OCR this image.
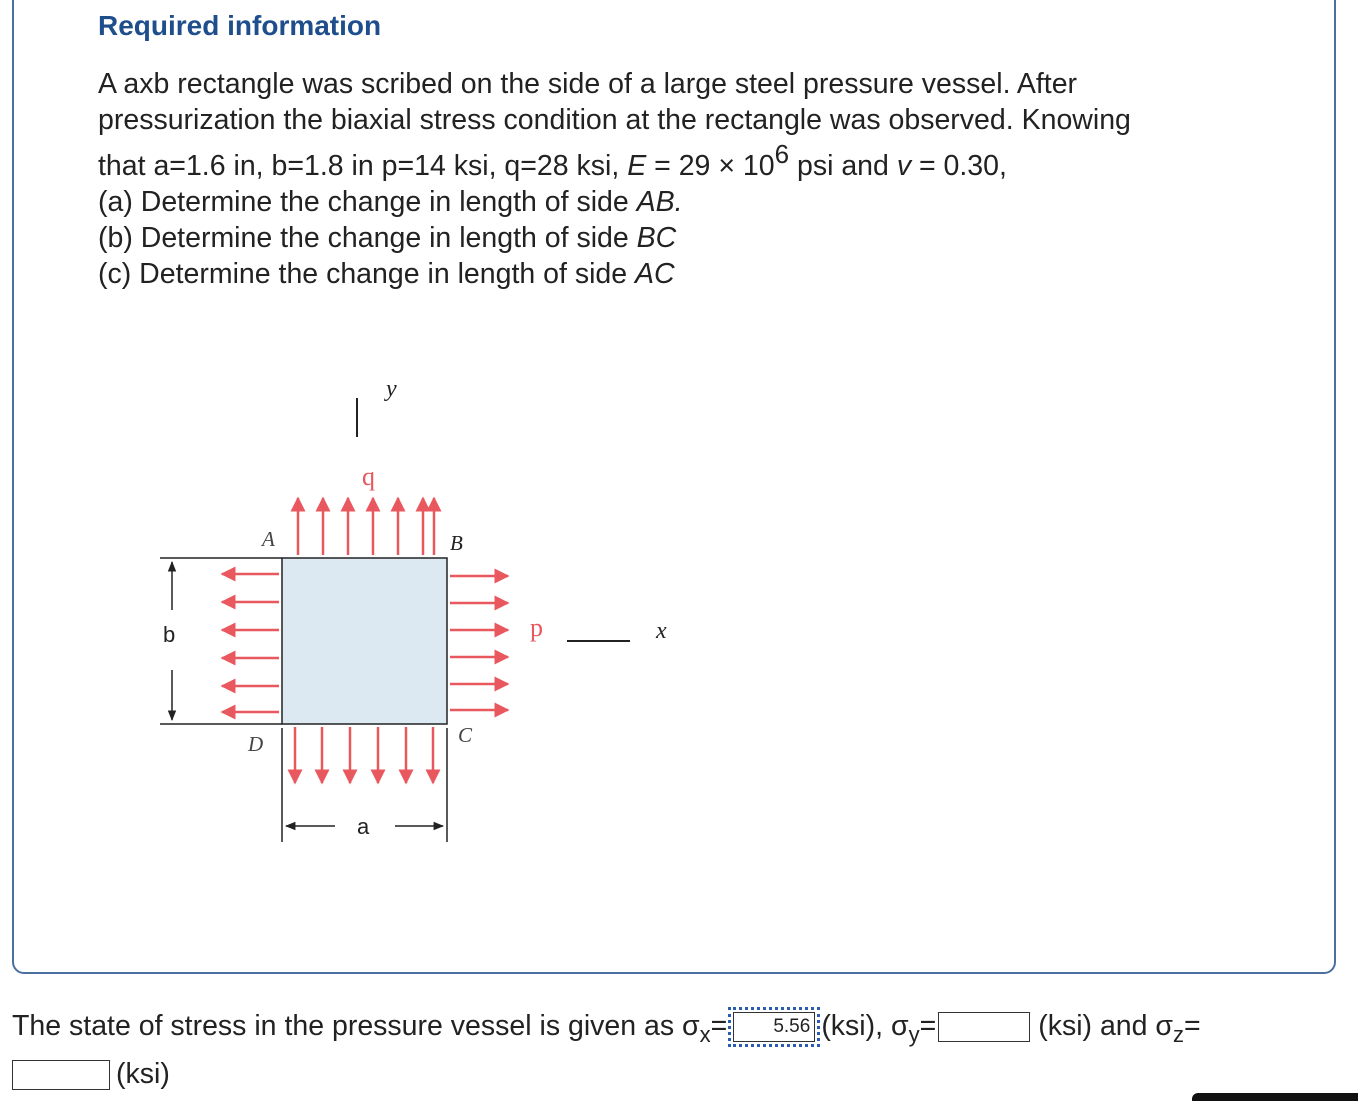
Required information

A axb rectangle was scribed on the side of a large steel pressure vessel. After

pressurization the biaxial stress condition at the rectangle was observed. Knowing

that a=1.6 in, b=1.8 in p=14 ksi, q=28 ksi, $E = 29 \times 10^6$ psi and v = 0.30,

(a) Determine the change in length of side AB.

(b) Determine the change in length of side BC

(c) Determine the change in length of side AC

y
q
p	x
A	B
C
D
b
a
The state of stress in the pressure vessel is given as $\sigma_x= 5.56$ (ksi), $\sigma_y=$	(ksi) and $\sigma_z=$
(ksi)
